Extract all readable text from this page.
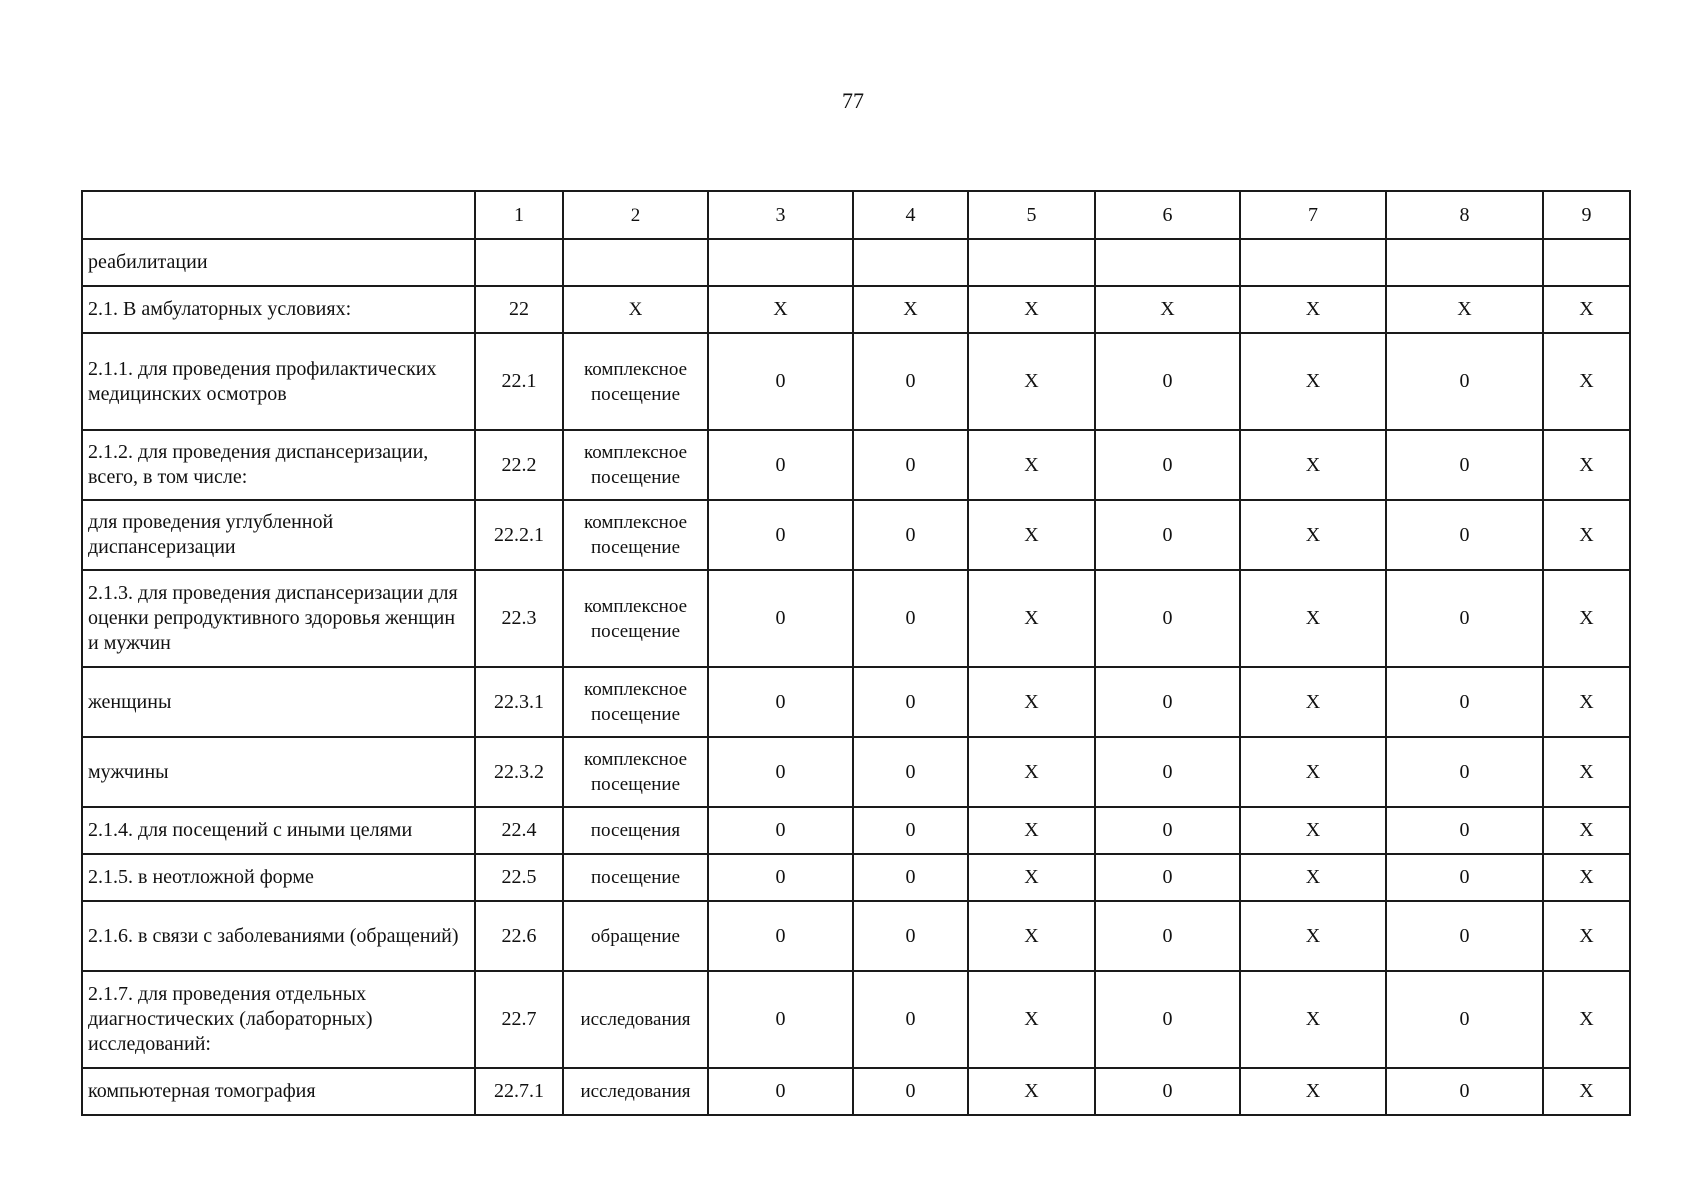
77
	1	2	3	4	5	6	7	8	9
реабилитации									
2.1. В амбулаторных условиях:	22	X	X	X	X	X	X	X	X
2.1.1. для проведения профилактических медицинских осмотров	22.1	комплексное посещение	0	0	X	0	X	0	X
2.1.2. для проведения диспансеризации, всего, в том числе:	22.2	комплексное посещение	0	0	X	0	X	0	X
для проведения углубленной диспансеризации	22.2.1	комплексное посещение	0	0	X	0	X	0	X
2.1.3. для проведения диспансеризации для оценки репродуктивного здоровья женщин и мужчин	22.3	комплексное посещение	0	0	X	0	X	0	X
женщины	22.3.1	комплексное посещение	0	0	X	0	X	0	X
мужчины	22.3.2	комплексное посещение	0	0	X	0	X	0	X
2.1.4. для посещений с иными целями	22.4	посещения	0	0	X	0	X	0	X
2.1.5. в неотложной форме	22.5	посещение	0	0	X	0	X	0	X
2.1.6. в связи с заболеваниями (обращений)	22.6	обращение	0	0	X	0	X	0	X
2.1.7. для проведения отдельных диагностических (лабораторных) исследований:	22.7	исследования	0	0	X	0	X	0	X
компьютерная томография	22.7.1	исследования	0	0	X	0	X	0	X
